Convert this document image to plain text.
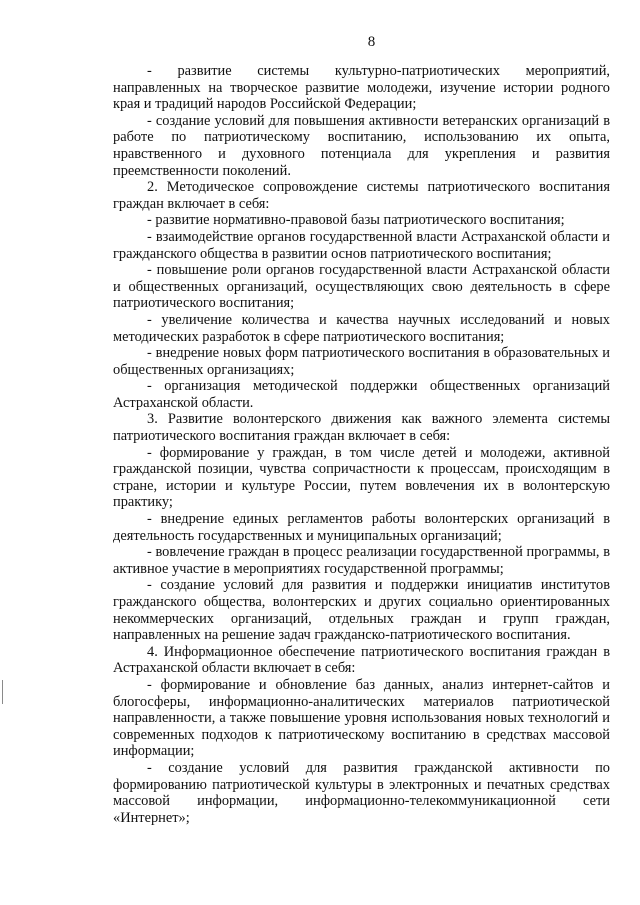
8

- развитие системы культурно-патриотических мероприятий, направленных на творческое развитие молодежи, изучение истории родного края и традиций народов Российской Федерации;

- создание условий для повышения активности ветеранских организаций в работе по патриотическому воспитанию, использованию их опыта, нравственного и духовного потенциала для укрепления и развития преемственности поколений.

2. Методическое сопровождение системы патриотического воспитания граждан включает в себя:

- развитие нормативно-правовой базы патриотического воспитания;

- взаимодействие органов государственной власти Астраханской области и гражданского общества в развитии основ патриотического воспитания;

- повышение роли органов государственной власти Астраханской области и общественных организаций, осуществляющих свою деятельность в сфере патриотического воспитания;

- увеличение количества и качества научных исследований и новых методических разработок в сфере патриотического воспитания;

- внедрение новых форм патриотического воспитания в образовательных и общественных организациях;

- организация методической поддержки общественных организаций Астраханской области.

3. Развитие волонтерского движения как важного элемента системы патриотического воспитания граждан включает в себя:

- формирование у граждан, в том числе детей и молодежи, активной гражданской позиции, чувства сопричастности к процессам, происходящим в стране, истории и культуре России, путем вовлечения их в волонтерскую практику;

- внедрение единых регламентов работы волонтерских организаций в деятельность государственных и муниципальных организаций;

- вовлечение граждан в процесс реализации государственной программы, в активное участие в мероприятиях государственной программы;

- создание условий для развития и поддержки инициатив институтов гражданского общества, волонтерских и других социально ориентированных некоммерческих организаций, отдельных граждан и групп граждан, направленных на решение задач гражданско-патриотического воспитания.

4. Информационное обеспечение патриотического воспитания граждан в Астраханской области включает в себя:

- формирование и обновление баз данных, анализ интернет-сайтов и блогосферы, информационно-аналитических материалов патриотической направленности, а также повышение уровня использования новых технологий и современных подходов к патриотическому воспитанию в средствах массовой информации;

- создание условий для развития гражданской активности по формированию патриотической культуры в электронных и печатных средствах массовой информации, информационно-телекоммуникационной сети «Интернет»;
